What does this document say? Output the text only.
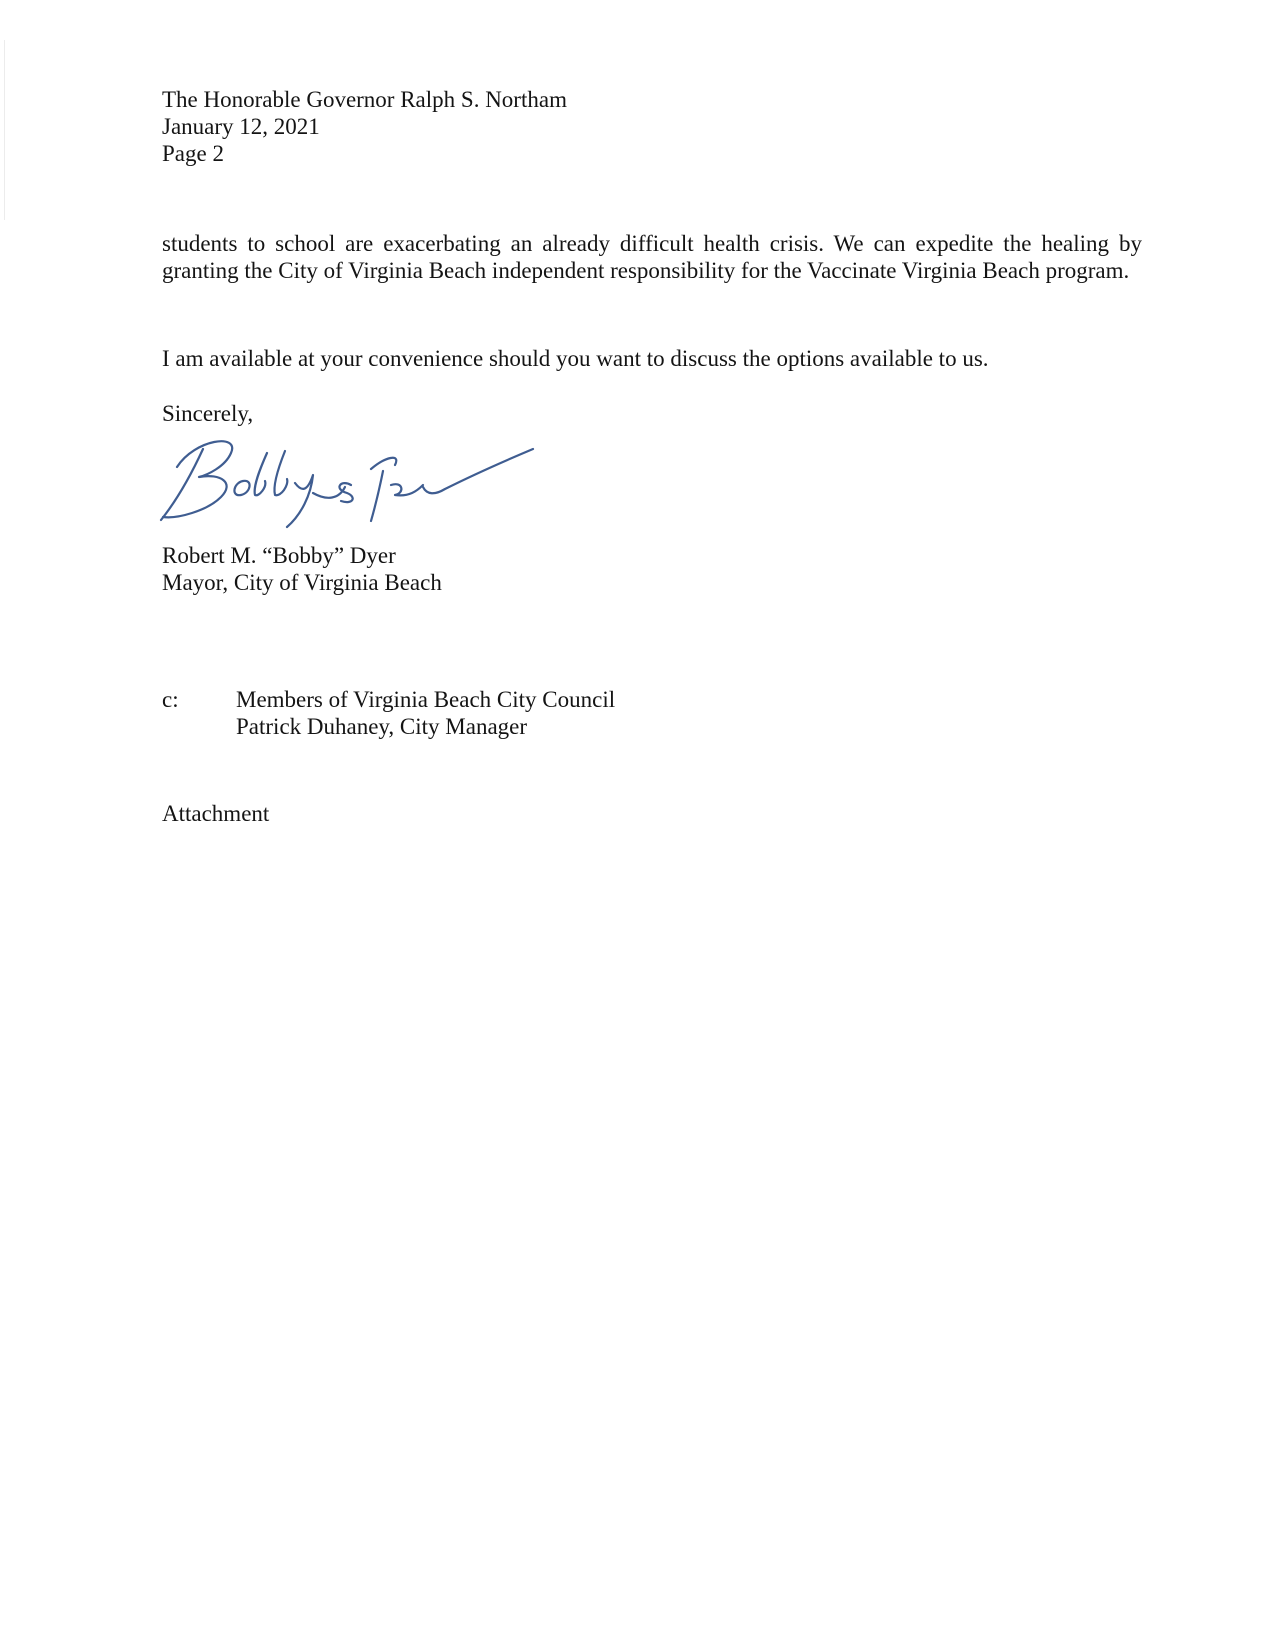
The Honorable Governor Ralph S. Northam
January 12, 2021
Page 2

students to school are exacerbating an already difficult health crisis. We can expedite the healing by granting the City of Virginia Beach independent responsibility for the Vaccinate Virginia Beach program.

I am available at your convenience should you want to discuss the options available to us.

Sincerely,
Robert M. “Bobby” Dyer
Mayor, City of Virginia Beach
c: Members of Virginia Beach City Council
Patrick Duhaney, City Manager
Attachment
